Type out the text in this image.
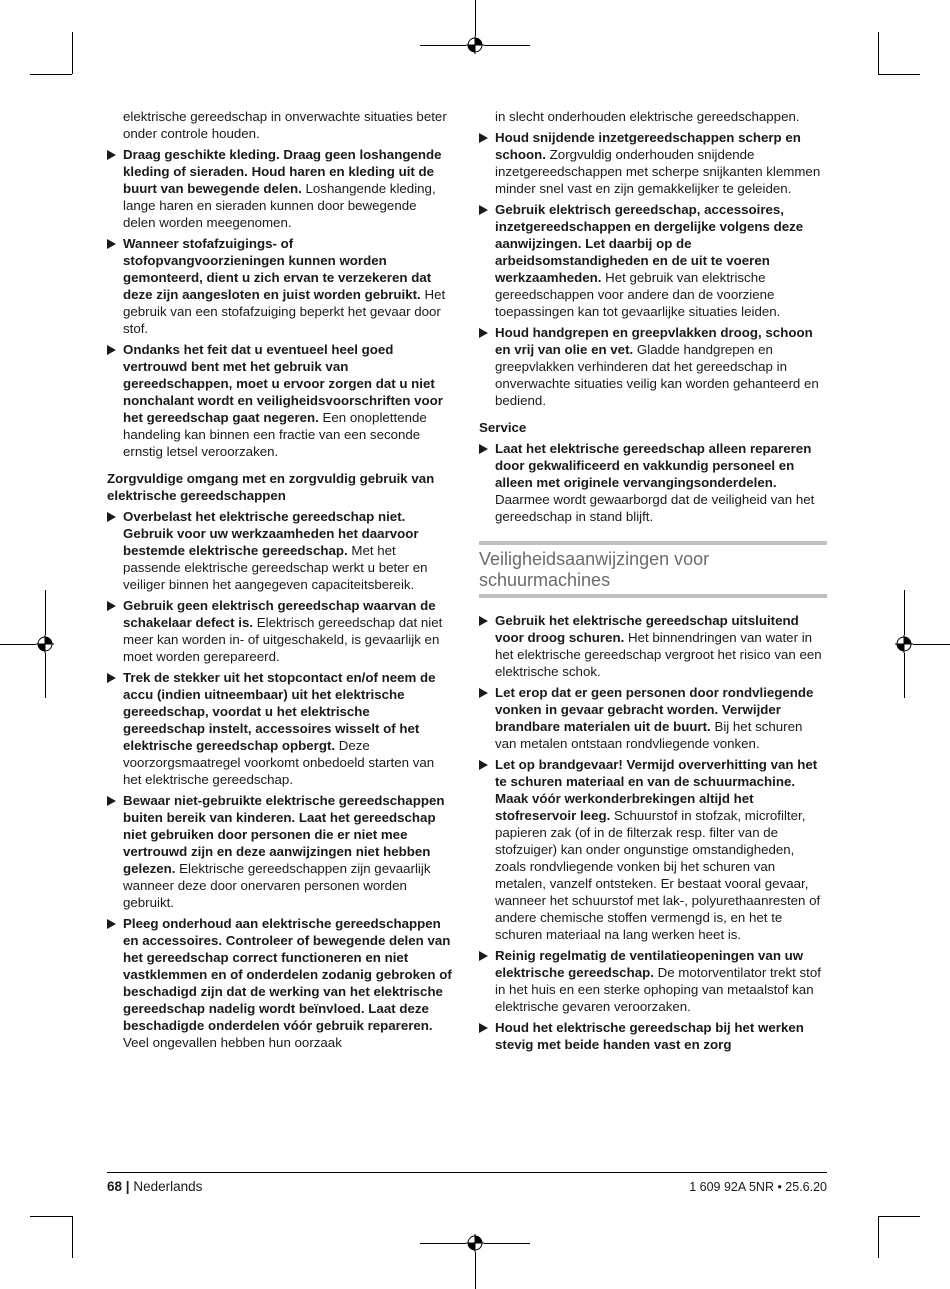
elektrische gereedschap in onverwachte situaties beter onder controle houden.

Draag geschikte kleding. Draag geen loshangende kleding of sieraden. Houd haren en kleding uit de buurt van bewegende delen. Loshangende kleding, lange haren en sieraden kunnen door bewegende delen worden meegenomen.

Wanneer stofafzuigings- of stofopvangvoorzieningen kunnen worden gemonteerd, dient u zich ervan te verzekeren dat deze zijn aangesloten en juist worden gebruikt. Het gebruik van een stofafzuiging beperkt het gevaar door stof.

Ondanks het feit dat u eventueel heel goed vertrouwd bent met het gebruik van gereedschappen, moet u ervoor zorgen dat u niet nonchalant wordt en veiligheidsvoorschriften voor het gereedschap gaat negeren. Een onoplettende handeling kan binnen een fractie van een seconde ernstig letsel veroorzaken.

Zorgvuldige omgang met en zorgvuldig gebruik van elektrische gereedschappen

Overbelast het elektrische gereedschap niet. Gebruik voor uw werkzaamheden het daarvoor bestemde elektrische gereedschap. Met het passende elektrische gereedschap werkt u beter en veiliger binnen het aangegeven capaciteitsbereik.

Gebruik geen elektrisch gereedschap waarvan de schakelaar defect is. Elektrisch gereedschap dat niet meer kan worden in- of uitgeschakeld, is gevaarlijk en moet worden gerepareerd.

Trek de stekker uit het stopcontact en/of neem de accu (indien uitneembaar) uit het elektrische gereedschap, voordat u het elektrische gereedschap instelt, accessoires wisselt of het elektrische gereedschap opbergt. Deze voorzorgsmaatregel voorkomt onbedoeld starten van het elektrische gereedschap.

Bewaar niet-gebruikte elektrische gereedschappen buiten bereik van kinderen. Laat het gereedschap niet gebruiken door personen die er niet mee vertrouwd zijn en deze aanwijzingen niet hebben gelezen. Elektrische gereedschappen zijn gevaarlijk wanneer deze door onervaren personen worden gebruikt.

Pleeg onderhoud aan elektrische gereedschappen en accessoires. Controleer of bewegende delen van het gereedschap correct functioneren en niet vastklemmen en of onderdelen zodanig gebroken of beschadigd zijn dat de werking van het elektrische gereedschap nadelig wordt beïnvloed. Laat deze beschadigde onderdelen vóór gebruik repareren. Veel ongevallen hebben hun oorzaak

in slecht onderhouden elektrische gereedschappen.

Houd snijdende inzetgereedschappen scherp en schoon. Zorgvuldig onderhouden snijdende inzetgereedschappen met scherpe snijkanten klemmen minder snel vast en zijn gemakkelijker te geleiden.

Gebruik elektrisch gereedschap, accessoires, inzetgereedschappen en dergelijke volgens deze aanwijzingen. Let daarbij op de arbeidsomstandigheden en de uit te voeren werkzaamheden. Het gebruik van elektrische gereedschappen voor andere dan de voorziene toepassingen kan tot gevaarlijke situaties leiden.

Houd handgrepen en greepvlakken droog, schoon en vrij van olie en vet. Gladde handgrepen en greepvlakken verhinderen dat het gereedschap in onverwachte situaties veilig kan worden gehanteerd en bediend.

Service

Laat het elektrische gereedschap alleen repareren door gekwalificeerd en vakkundig personeel en alleen met originele vervangingsonderdelen. Daarmee wordt gewaarborgd dat de veiligheid van het gereedschap in stand blijft.

Veiligheidsaanwijzingen voor schuurmachines

Gebruik het elektrische gereedschap uitsluitend voor droog schuren. Het binnendringen van water in het elektrische gereedschap vergroot het risico van een elektrische schok.

Let erop dat er geen personen door rondvliegende vonken in gevaar gebracht worden. Verwijder brandbare materialen uit de buurt. Bij het schuren van metalen ontstaan rondvliegende vonken.

Let op brandgevaar! Vermijd oververhitting van het te schuren materiaal en van de schuurmachine. Maak vóór werkonderbrekingen altijd het stofreservoir leeg. Schuurstof in stofzak, microfilter, papieren zak (of in de filterzak resp. filter van de stofzuiger) kan onder ongunstige omstandigheden, zoals rondvliegende vonken bij het schuren van metalen, vanzelf ontsteken. Er bestaat vooral gevaar, wanneer het schuurstof met lak-, polyurethaanresten of andere chemische stoffen vermengd is, en het te schuren materiaal na lang werken heet is.

Reinig regelmatig de ventilatieopeningen van uw elektrische gereedschap. De motorventilator trekt stof in het huis en een sterke ophoping van metaalstof kan elektrische gevaren veroorzaken.

Houd het elektrische gereedschap bij het werken stevig met beide handen vast en zorg

68 | Nederlands	1 609 92A 5NR • 25.6.20
